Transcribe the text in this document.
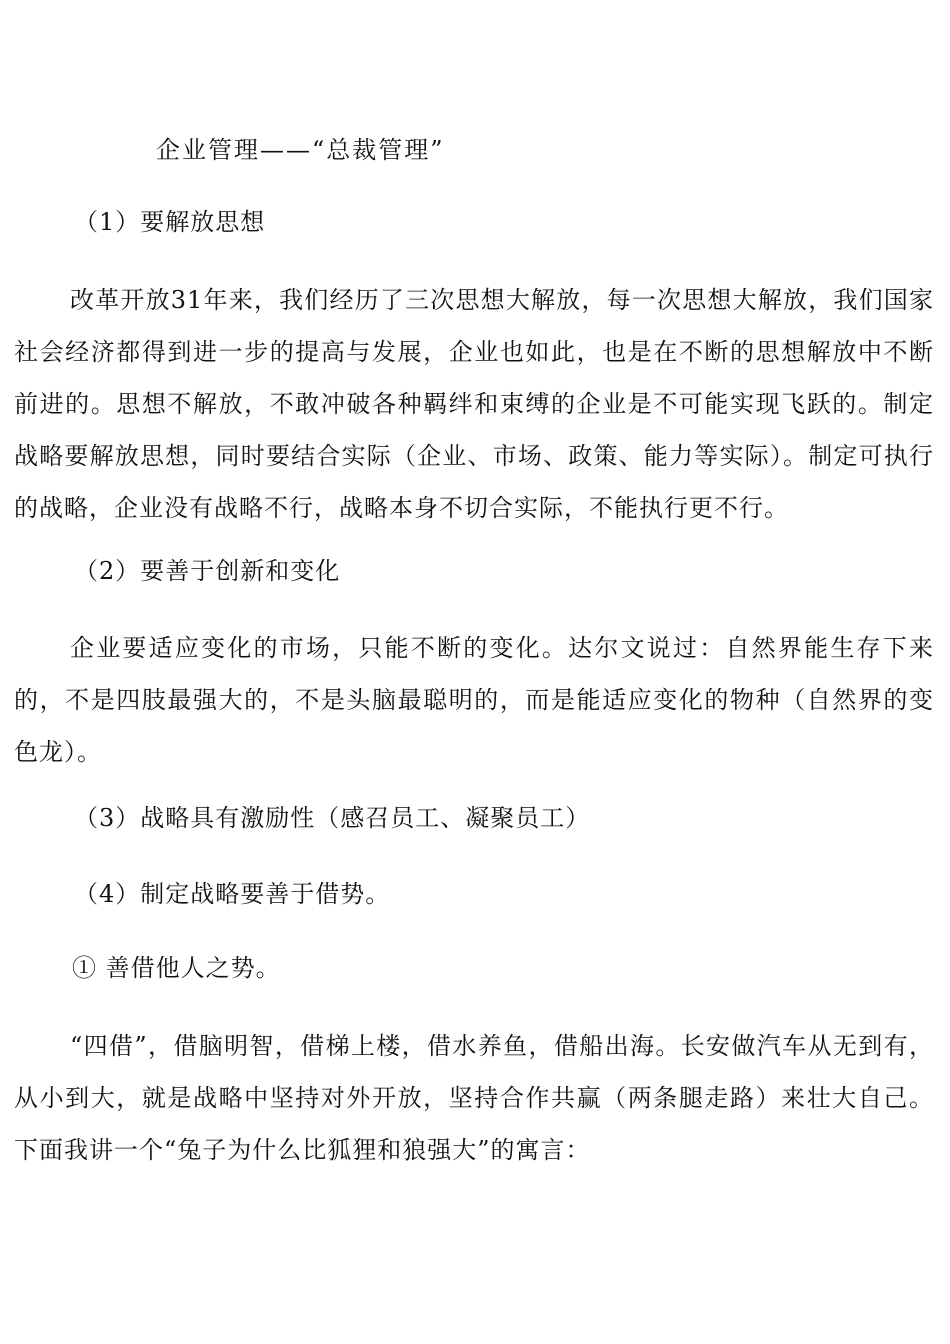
企业管理——“总裁管理”
（1）要解放思想
改革开放31年来，我们经历了三次思想大解放，每一次思想大解放，我们国家社会经济都得到进一步的提高与发展，企业也如此，也是在不断的思想解放中不断前进的。思想不解放，不敢冲破各种羁绊和束缚的企业是不可能实现飞跃的。制定战略要解放思想，同时要结合实际（企业、市场、政策、能力等实际）。制定可执行的战略，企业没有战略不行，战略本身不切合实际，不能执行更不行。
（2）要善于创新和变化
企业要适应变化的市场，只能不断的变化。达尔文说过：自然界能生存下来的，不是四肢最强大的，不是头脑最聪明的，而是能适应变化的物种（自然界的变色龙）。
（3）战略具有激励性（感召员工、凝聚员工）
（4）制定战略要善于借势。
① 善借他人之势。
“四借”，借脑明智，借梯上楼，借水养鱼，借船出海。长安做汽车从无到有，从小到大，就是战略中坚持对外开放，坚持合作共赢（两条腿走路）来壮大自己。下面我讲一个“兔子为什么比狐狸和狼强大”的寓言：
